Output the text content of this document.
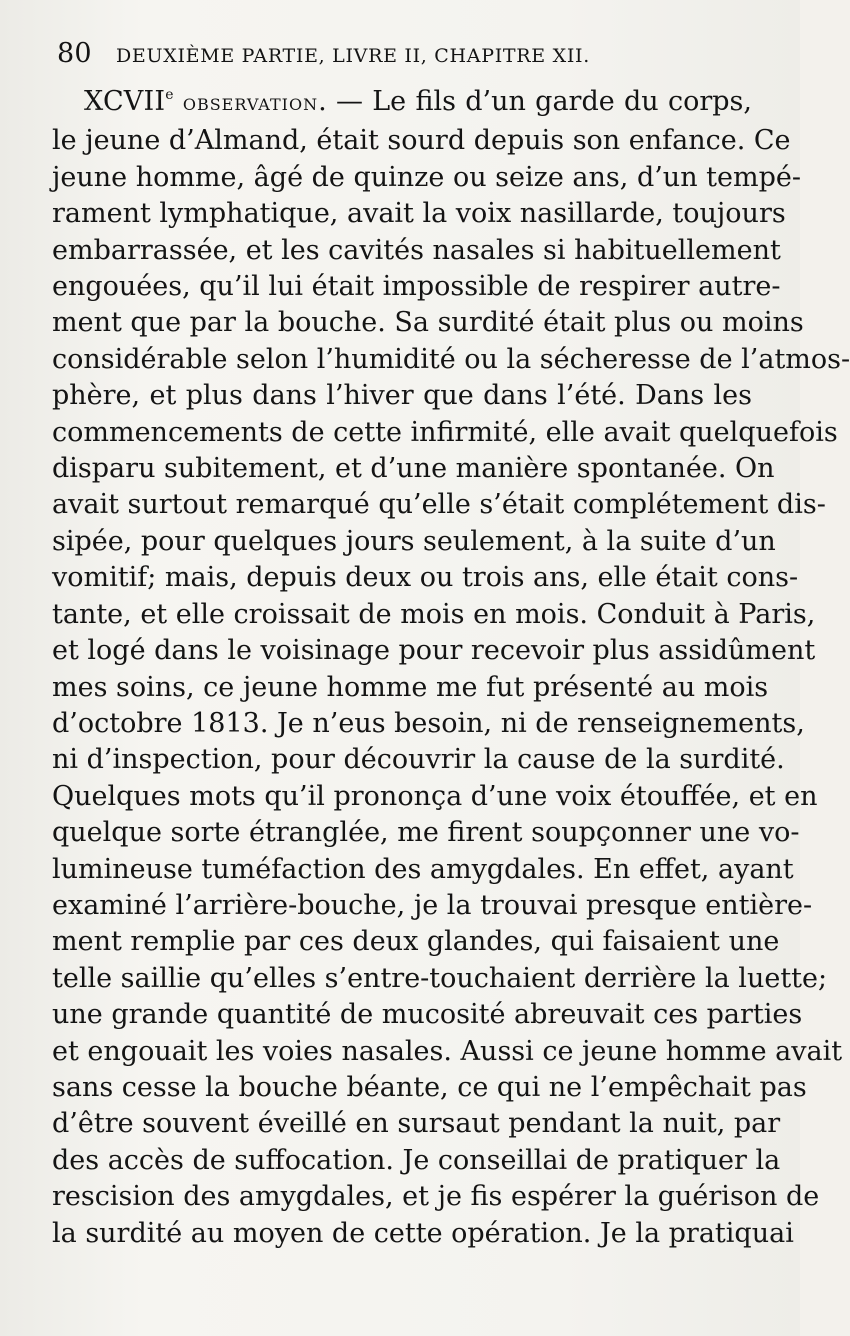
80 DEUXIÈME PARTIE, LIVRE II, CHAPITRE XII.
XCVIIe OBSERVATION. — Le fils d’un garde du corps,
le jeune d’Almand, était sourd depuis son enfance. Ce
jeune homme, âgé de quinze ou seize ans, d’un tempé-
rament lymphatique, avait la voix nasillarde, toujours
embarrassée, et les cavités nasales si habituellement
engouées, qu’il lui était impossible de respirer autre-
ment que par la bouche. Sa surdité était plus ou moins
considérable selon l’humidité ou la sécheresse de l’atmos-
phère, et plus dans l’hiver que dans l’été. Dans les
commencements de cette infirmité, elle avait quelquefois
disparu subitement, et d’une manière spontanée. On
avait surtout remarqué qu’elle s’était complétement dis-
sipée, pour quelques jours seulement, à la suite d’un
vomitif; mais, depuis deux ou trois ans, elle était cons-
tante, et elle croissait de mois en mois. Conduit à Paris,
et logé dans le voisinage pour recevoir plus assidûment
mes soins, ce jeune homme me fut présenté au mois
d’octobre 1813. Je n’eus besoin, ni de renseignements,
ni d’inspection, pour découvrir la cause de la surdité.
Quelques mots qu’il prononça d’une voix étouffée, et en
quelque sorte étranglée, me firent soupçonner une vo-
lumineuse tuméfaction des amygdales. En effet, ayant
examiné l’arrière-bouche, je la trouvai presque entière-
ment remplie par ces deux glandes, qui faisaient une
telle saillie qu’elles s’entre-touchaient derrière la luette;
une grande quantité de mucosité abreuvait ces parties
et engouait les voies nasales. Aussi ce jeune homme avait
sans cesse la bouche béante, ce qui ne l’empêchait pas
d’être souvent éveillé en sursaut pendant la nuit, par
des accès de suffocation. Je conseillai de pratiquer la
rescision des amygdales, et je fis espérer la guérison de
la surdité au moyen de cette opération. Je la pratiquai
